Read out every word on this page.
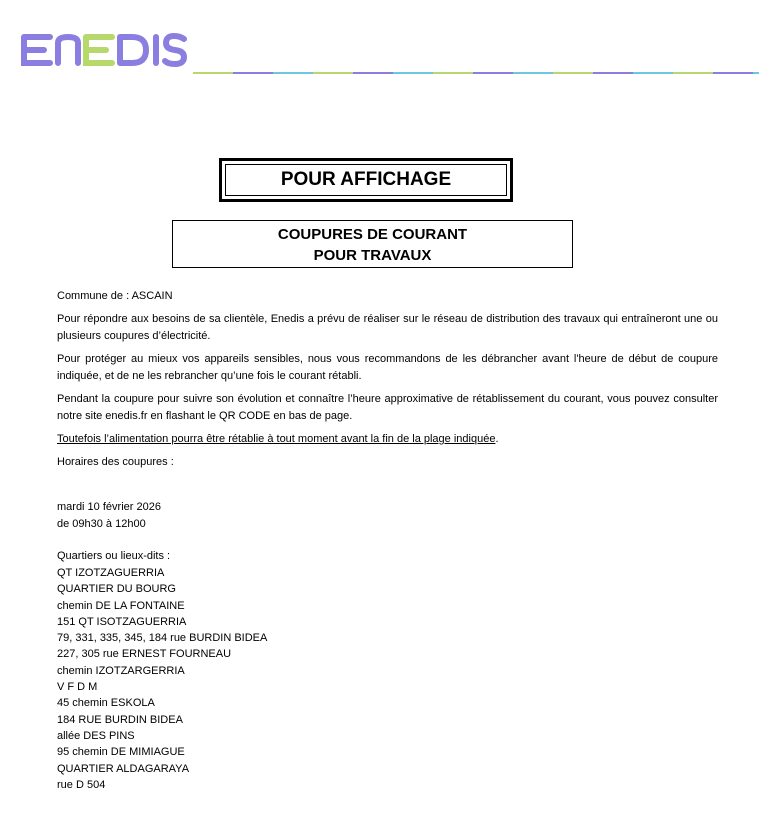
POUR AFFICHAGE
COUPURES DE COURANT
POUR TRAVAUX

Commune de : ASCAIN

Pour répondre aux besoins de sa clientèle, Enedis a prévu de réaliser sur le réseau de distribution des travaux qui entraîneront une ou plusieurs coupures d’électricité.

Pour protéger au mieux vos appareils sensibles, nous vous recommandons de les débrancher avant l'heure de début de coupure indiquée, et de ne les rebrancher qu’une fois le courant rétabli.

Pendant la coupure pour suivre son évolution et connaître l’heure approximative de rétablissement du courant, vous pouvez consulter notre site enedis.fr en flashant le QR CODE en bas de page.

Toutefois l’alimentation pourra être rétablie à tout moment avant la fin de la plage indiquée.

Horaires des coupures :

mardi 10 février 2026
de 09h30 à 12h00
Quartiers ou lieux-dits :
QT IZOTZAGUERRIA
QUARTIER DU BOURG
chemin DE LA FONTAINE
151 QT ISOTZAGUERRIA
79, 331, 335, 345, 184 rue BURDIN BIDEA
227, 305 rue ERNEST FOURNEAU
chemin IZOTZARGERRIA
V F D M
45 chemin ESKOLA
184 RUE BURDIN BIDEA
allée DES PINS
95 chemin DE MIMIAGUE
QUARTIER ALDAGARAYA
rue D 504
